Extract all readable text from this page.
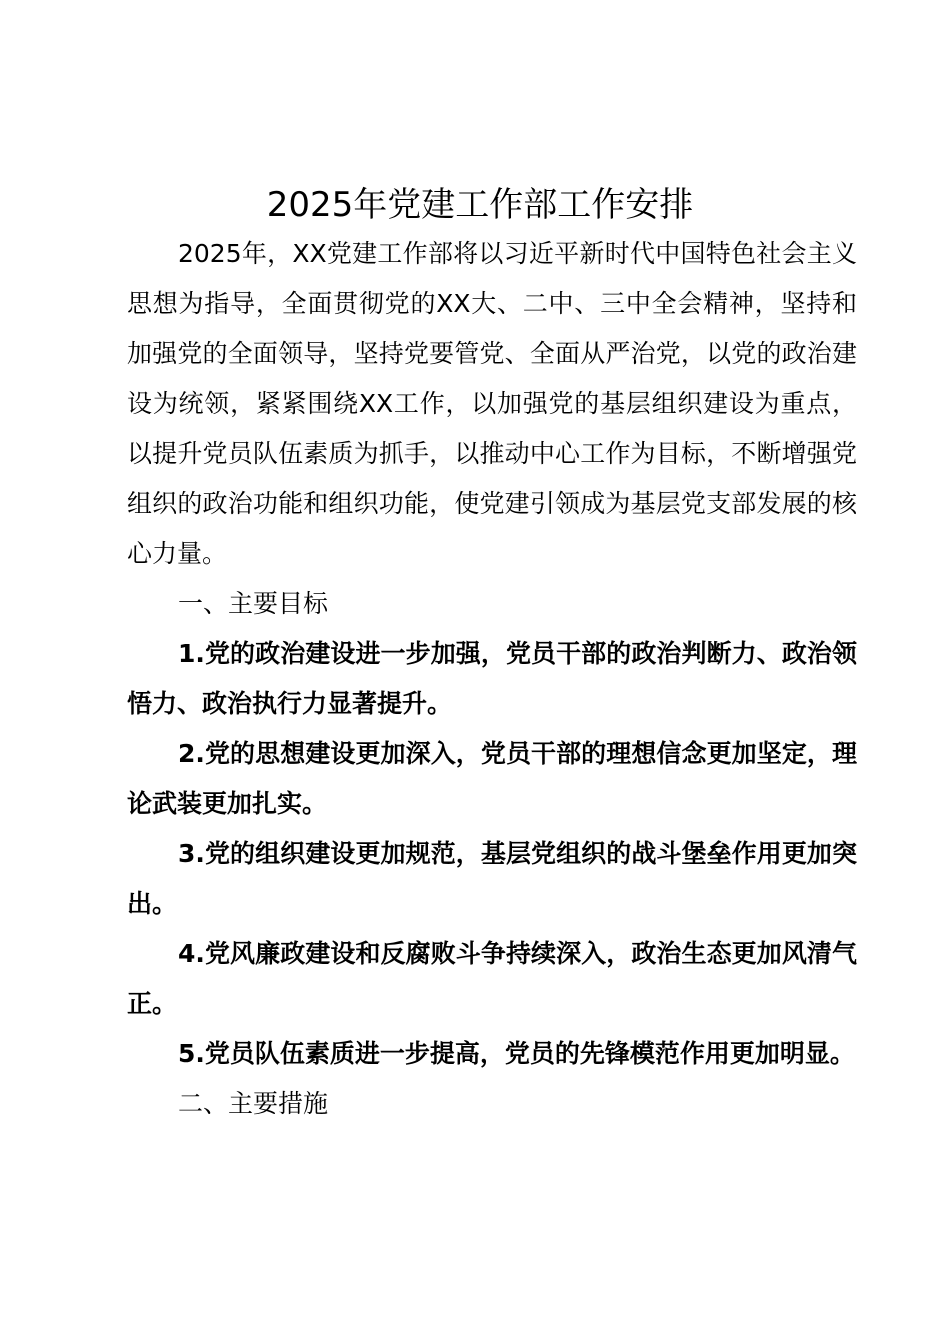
2025年党建工作部工作安排

2025年，XX党建工作部将以习近平新时代中国特色社会主义思想为指导，全面贯彻党的XX大、二中、三中全会精神，坚持和加强党的全面领导，坚持党要管党、全面从严治党，以党的政治建设为统领，紧紧围绕XX工作，以加强党的基层组织建设为重点，以提升党员队伍素质为抓手，以推动中心工作为目标，不断增强党组织的政治功能和组织功能，使党建引领成为基层党支部发展的核心力量。

一、主要目标

1.党的政治建设进一步加强，党员干部的政治判断力、政治领悟力、政治执行力显著提升。

2.党的思想建设更加深入，党员干部的理想信念更加坚定，理论武装更加扎实。

3.党的组织建设更加规范，基层党组织的战斗堡垒作用更加突出。

4.党风廉政建设和反腐败斗争持续深入，政治生态更加风清气正。

5.党员队伍素质进一步提高，党员的先锋模范作用更加明显。

二、主要措施
